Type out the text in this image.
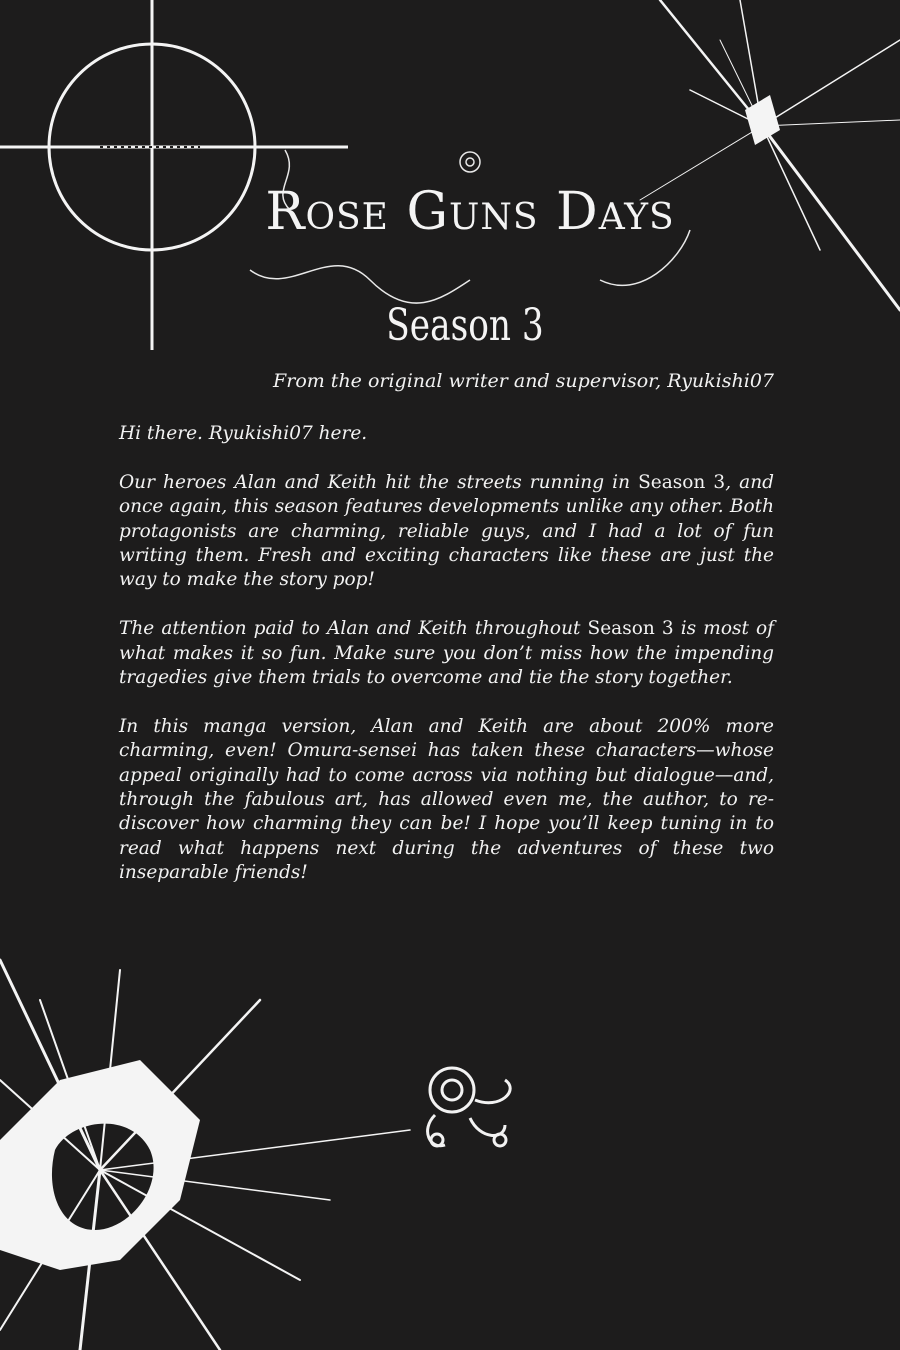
Rose Guns Days
Season 3
From the original writer and supervisor, Ryukishi07

Hi there. Ryukishi07 here.

Our heroes Alan and Keith hit the streets running in Season 3, and once again, this season features developments unlike any other. Both protagonists are charming, reliable guys, and I had a lot of fun writing them. Fresh and exciting characters like these are just the way to make the story pop!

The attention paid to Alan and Keith throughout Season 3 is most of what makes it so fun. Make sure you don’t miss how the impending tragedies give them trials to overcome and tie the story together.

In this manga version, Alan and Keith are about 200% more charming, even! Omura-sensei has taken these characters—whose appeal originally had to come across via nothing but dialogue—and, through the fabulous art, has allowed even me, the author, to re-discover how charming they can be! I hope you’ll keep tuning in to read what happens next during the adventures of these two inseparable friends!
